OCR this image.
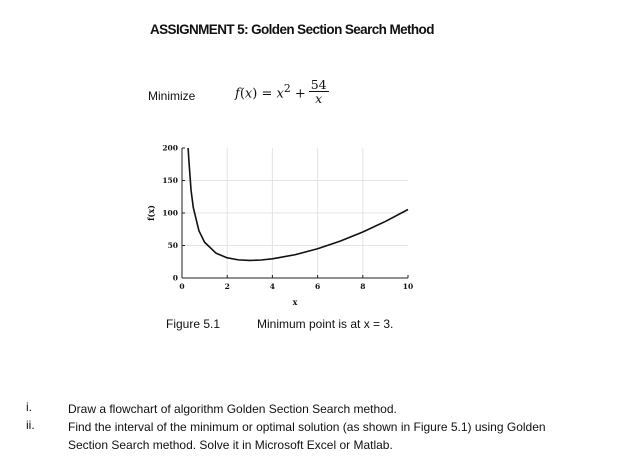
ASSIGNMENT 5: Golden Section Search Method
Minimize	$f(x) = x^2 + \frac{54}{x}$
0	2	4	6	8	10
0
50
100
150
200
x
f(x)
Figure 5.1	Minimum point is at x = 3.
i.	Draw a flowchart of algorithm Golden Section Search method.
ii.	Find the interval of the minimum or optimal solution (as shown in Figure 5.1) using Golden Section Search method. Solve it in Microsoft Excel or Matlab.
